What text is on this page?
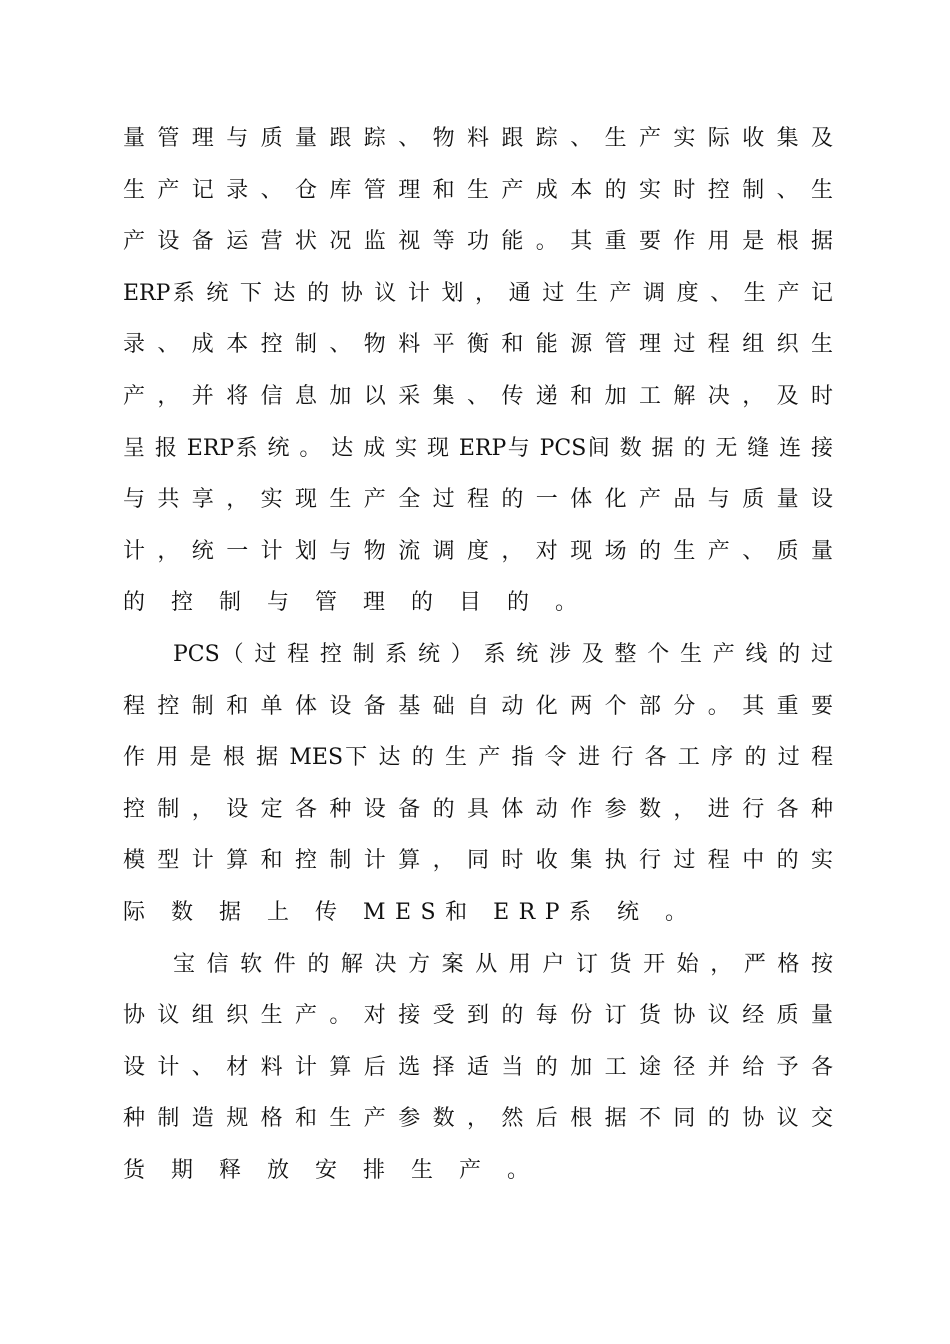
量 管 理 与 质 量 跟 踪 、 物 料 跟 踪 、 生 产 实 际 收 集 及
生 产 记 录 、 仓 库 管 理 和 生 产 成 本 的 实 时 控 制 、 生
产 设 备 运 营 状 况 监 视 等 功 能 。 其 重 要 作 用 是 根 据
ERP系 统 下 达 的 协 议 计 划 ， 通 过 生 产 调 度 、 生 产 记
录 、 成 本 控 制 、 物 料 平 衡 和 能 源 管 理 过 程 组 织 生
产 ， 并 将 信 息 加 以 采 集 、 传 递 和 加 工 解 决 ， 及 时
呈 报 ERP系 统 。 达 成 实 现 ERP与 PCS间 数 据 的 无 缝 连 接
与 共 享 ， 实 现 生 产 全 过 程 的 一 体 化 产 品 与 质 量 设
计 ， 统 一 计 划 与 物 流 调 度 ， 对 现 场 的 生 产 、 质 量
的 控 制 与 管 理 的 目 的 。
PCS（ 过 程 控 制 系 统 ） 系 统 涉 及 整 个 生 产 线 的 过
程 控 制 和 单 体 设 备 基 础 自 动 化 两 个 部 分 。 其 重 要
作 用 是 根 据 MES下 达 的 生 产 指 令 进 行 各 工 序 的 过 程
控 制 ， 设 定 各 种 设 备 的 具 体 动 作 参 数 ， 进 行 各 种
模 型 计 算 和 控 制 计 算 ， 同 时 收 集 执 行 过 程 中 的 实
际 数 据 上 传 MES和 ERP系 统 。
宝 信 软 件 的 解 决 方 案 从 用 户 订 货 开 始 ， 严 格 按
协 议 组 织 生 产 。 对 接 受 到 的 每 份 订 货 协 议 经 质 量
设 计 、 材 料 计 算 后 选 择 适 当 的 加 工 途 径 并 给 予 各
种 制 造 规 格 和 生 产 参 数 ， 然 后 根 据 不 同 的 协 议 交
货 期 释 放 安 排 生 产 。
